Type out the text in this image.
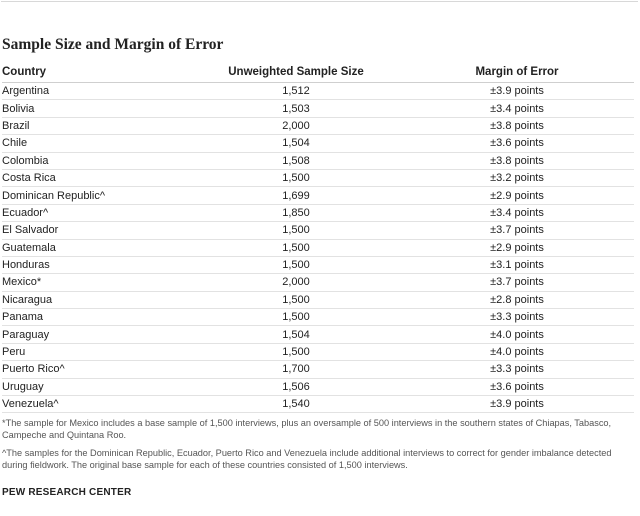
Sample Size and Margin of Error
Country	Unweighted Sample Size	Margin of Error
Argentina	1,512	±3.9 points
Bolivia	1,503	±3.4 points
Brazil	2,000	±3.8 points
Chile	1,504	±3.6 points
Colombia	1,508	±3.8 points
Costa Rica	1,500	±3.2 points
Dominican Republic^	1,699	±2.9 points
Ecuador^	1,850	±3.4 points
El Salvador	1,500	±3.7 points
Guatemala	1,500	±2.9 points
Honduras	1,500	±3.1 points
Mexico*	2,000	±3.7 points
Nicaragua	1,500	±2.8 points
Panama	1,500	±3.3 points
Paraguay	1,504	±4.0 points
Peru	1,500	±4.0 points
Puerto Rico^	1,700	±3.3 points
Uruguay	1,506	±3.6 points
Venezuela^	1,540	±3.9 points

*The sample for Mexico includes a base sample of 1,500 interviews, plus an oversample of 500 interviews in the southern states of Chiapas, Tabasco, Campeche and Quintana Roo.

^The samples for the Dominican Republic, Ecuador, Puerto Rico and Venezuela include additional interviews to correct for gender imbalance detected during fieldwork. The original base sample for each of these countries consisted of 1,500 interviews.

PEW RESEARCH CENTER
